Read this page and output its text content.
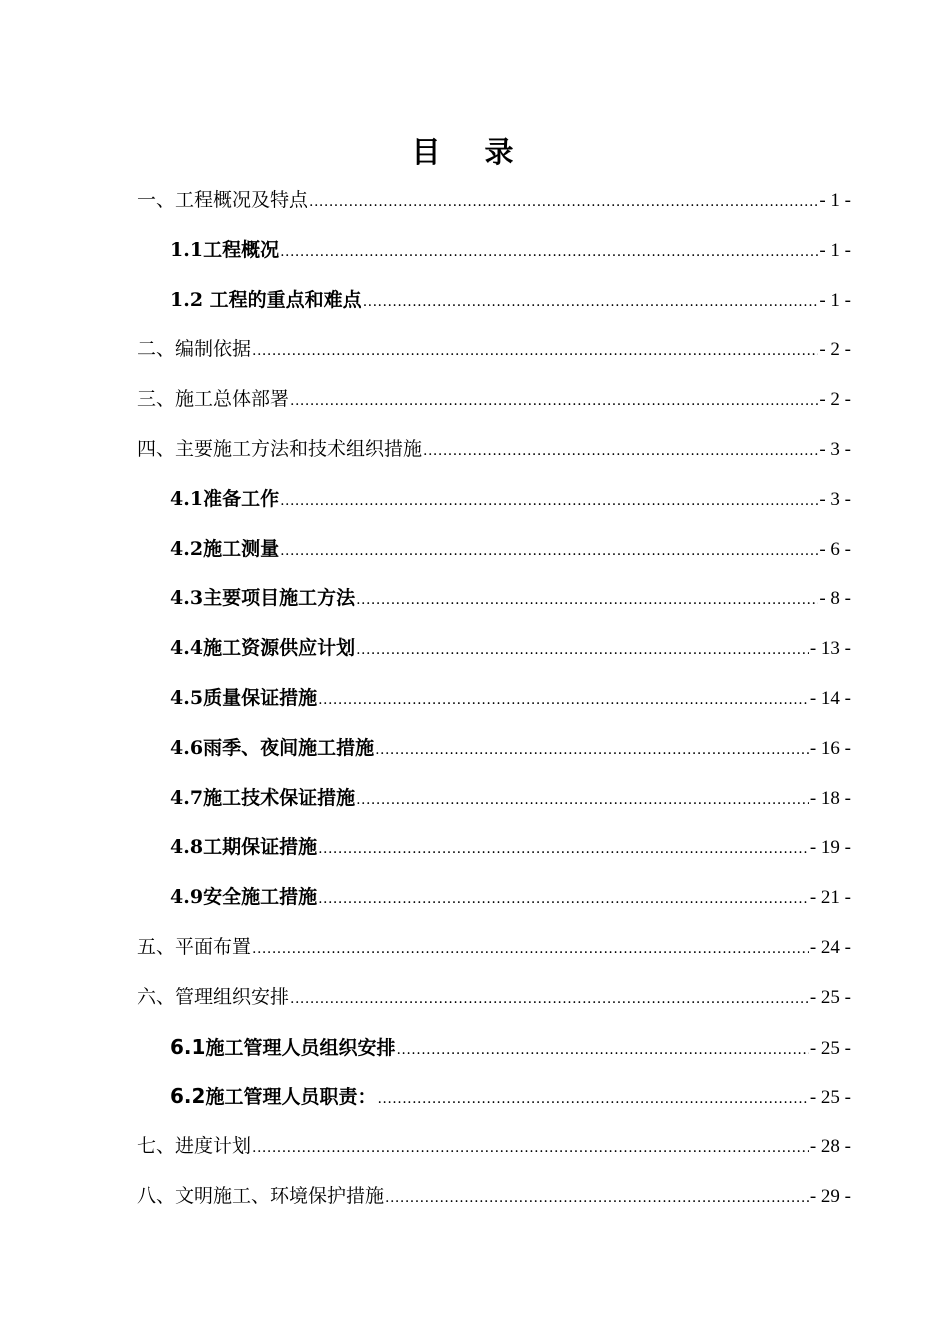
目 录
一、工程概况及特点 .....	- 1 -
1.1工程概况 .....	- 1 -
1.2 工程的重点和难点 .....	- 1 -
二、编制依据 .....	- 2 -
三、施工总体部署 .....	- 2 -
四、主要施工方法和技术组织措施 .....	- 3 -
4.1准备工作 .....	- 3 -
4.2施工测量 .....	- 6 -
4.3主要项目施工方法 .....	- 8 -
4.4施工资源供应计划 .....	- 13 -
4.5质量保证措施 .....	- 14 -
4.6雨季、夜间施工措施 .....	- 16 -
4.7施工技术保证措施 .....	- 18 -
4.8工期保证措施 .....	- 19 -
4.9安全施工措施 .....	- 21 -
五、平面布置 .....	- 24 -
六、管理组织安排 .....	- 25 -
6.1施工管理人员组织安排 .....	- 25 -
6.2施工管理人员职责： .....	- 25 -
七、进度计划 .....	- 28 -
八、文明施工、环境保护措施 .....	- 29 -
